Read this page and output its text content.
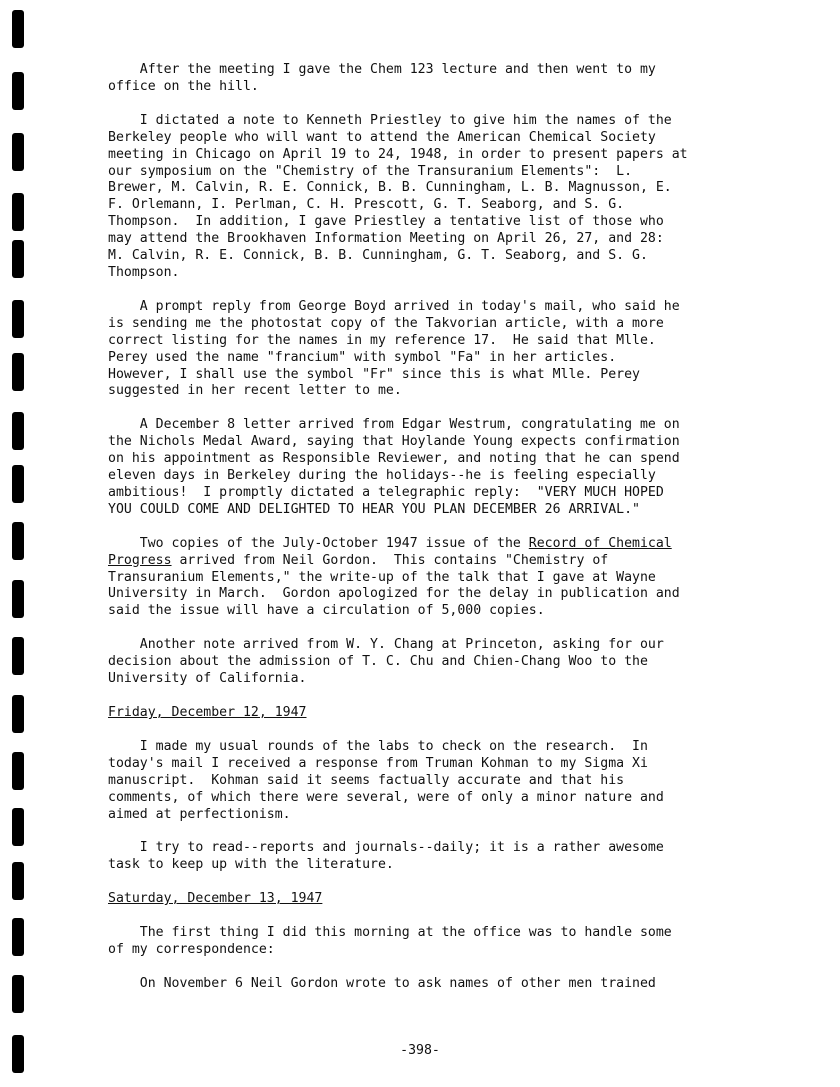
After the meeting I gave the Chem 123 lecture and then went to my
office on the hill.
I dictated a note to Kenneth Priestley to give him the names of the
Berkeley people who will want to attend the American Chemical Society
meeting in Chicago on April 19 to 24, 1948, in order to present papers at
our symposium on the "Chemistry of the Transuranium Elements":  L.
Brewer, M. Calvin, R. E. Connick, B. B. Cunningham, L. B. Magnusson, E.
F. Orlemann, I. Perlman, C. H. Prescott, G. T. Seaborg, and S. G.
Thompson.  In addition, I gave Priestley a tentative list of those who
may attend the Brookhaven Information Meeting on April 26, 27, and 28:
M. Calvin, R. E. Connick, B. B. Cunningham, G. T. Seaborg, and S. G.
Thompson.
A prompt reply from George Boyd arrived in today's mail, who said he
is sending me the photostat copy of the Takvorian article, with a more
correct listing for the names in my reference 17.  He said that Mlle.
Perey used the name "francium" with symbol "Fa" in her articles.
However, I shall use the symbol "Fr" since this is what Mlle. Perey
suggested in her recent letter to me.
A December 8 letter arrived from Edgar Westrum, congratulating me on
the Nichols Medal Award, saying that Hoylande Young expects confirmation
on his appointment as Responsible Reviewer, and noting that he can spend
eleven days in Berkeley during the holidays--he is feeling especially
ambitious!  I promptly dictated a telegraphic reply:  "VERY MUCH HOPED
YOU COULD COME AND DELIGHTED TO HEAR YOU PLAN DECEMBER 26 ARRIVAL."
Two copies of the July-October 1947 issue of the Record of Chemical
Progress arrived from Neil Gordon.  This contains "Chemistry of
Transuranium Elements," the write-up of the talk that I gave at Wayne
University in March.  Gordon apologized for the delay in publication and
said the issue will have a circulation of 5,000 copies.
Another note arrived from W. Y. Chang at Princeton, asking for our
decision about the admission of T. C. Chu and Chien-Chang Woo to the
University of California.
Friday, December 12, 1947
I made my usual rounds of the labs to check on the research.  In
today's mail I received a response from Truman Kohman to my Sigma Xi
manuscript.  Kohman said it seems factually accurate and that his
comments, of which there were several, were of only a minor nature and
aimed at perfectionism.
I try to read--reports and journals--daily; it is a rather awesome
task to keep up with the literature.
Saturday, December 13, 1947
The first thing I did this morning at the office was to handle some
of my correspondence:
On November 6 Neil Gordon wrote to ask names of other men trained
-398-
